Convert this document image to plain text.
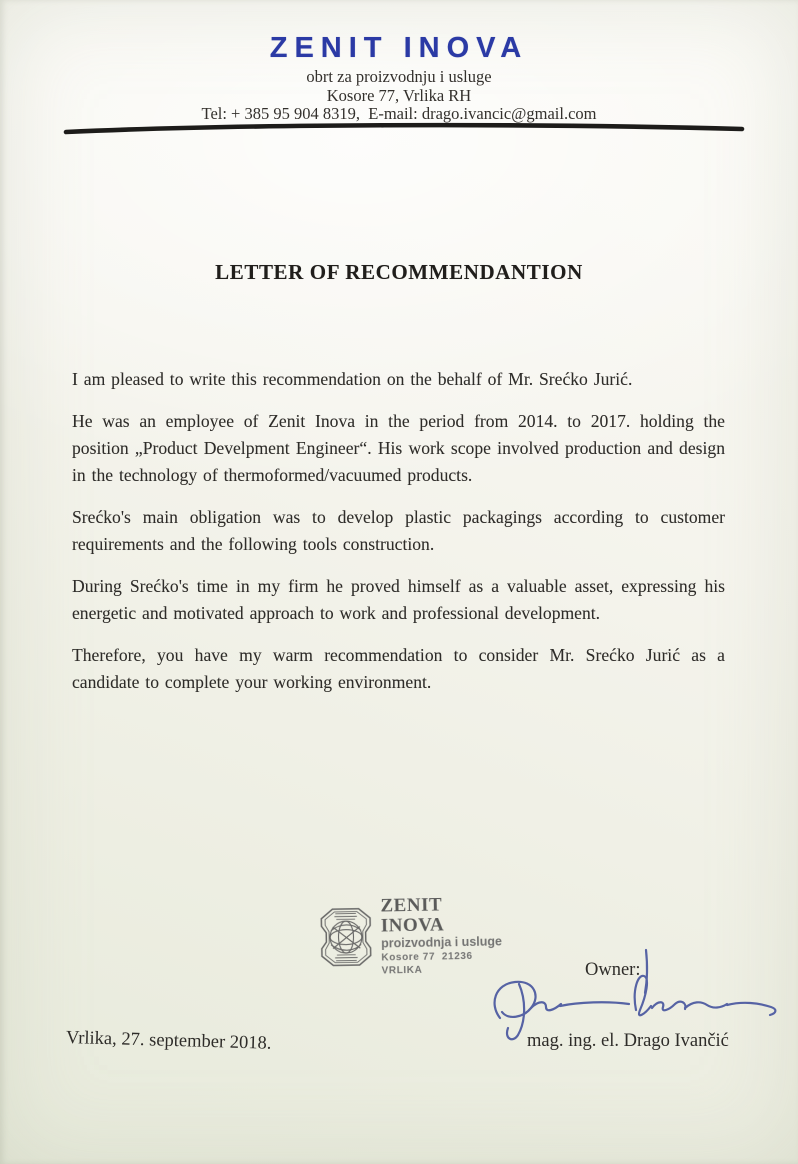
ZENIT INOVA
obrt za proizvodnju i usluge
Kosore 77, Vrlika RH
Tel: + 385 95 904 8319,  E-mail: drago.ivancic@gmail.com
LETTER OF RECOMMENDANTION

I am pleased to write this recommendation on the behalf of Mr. Srećko Jurić.

He was an employee of Zenit Inova in the period from 2014. to 2017. holding the position „Product Develpment Engineer“. His work scope involved production and design in the technology of thermoformed/vacuumed products.

Srećko's main obligation was to develop plastic packagings according to customer requirements and the following tools construction.

During Srećko's time in my firm he proved himself as a valuable asset, expressing his energetic and motivated approach to work and professional development.

Therefore, you have my warm recommendation to consider Mr. Srećko Jurić as a candidate to complete your working environment.

ZENIT INOVA
proizvodnja i usluge
Kosore 77  21236  VRLIKA	Owner:
mag. ing. el. Drago Ivančić
Vrlika, 27. september 2018.
